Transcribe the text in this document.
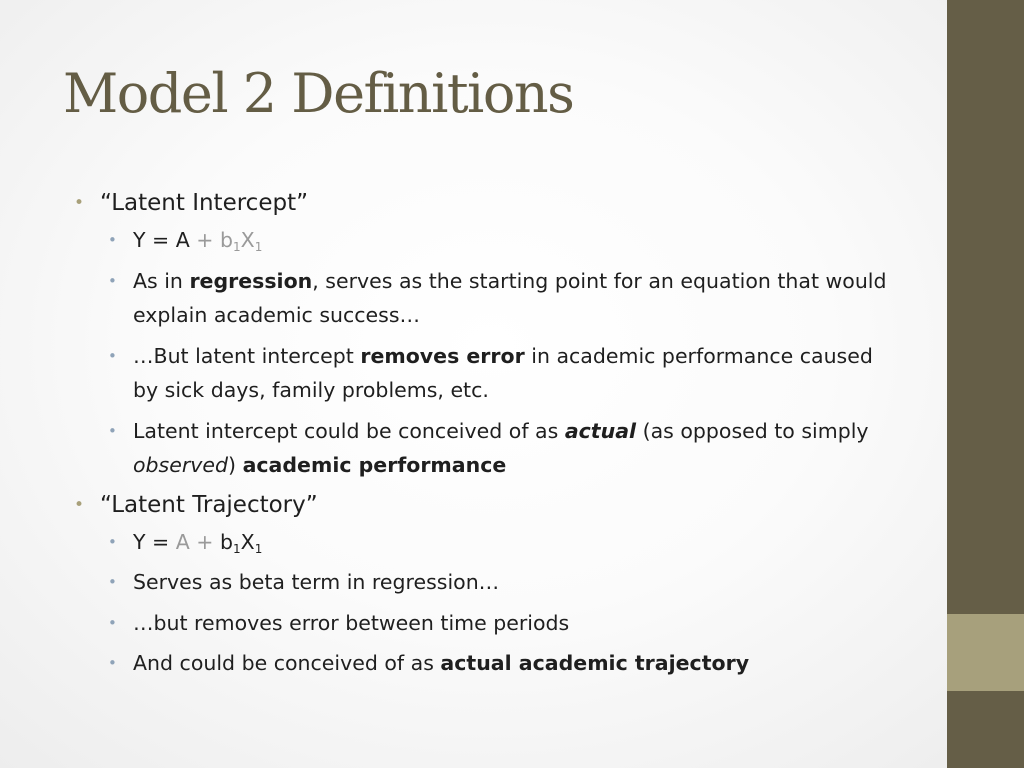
Model 2 Definitions
• “Latent Intercept”
• $Y = A + b_1X_1$
• As in regression, serves as the starting point for an equation that would explain academic success…
• …But latent intercept removes error in academic performance caused by sick days, family problems, etc.
• Latent intercept could be conceived of as actual (as opposed to simply observed) academic performance
• “Latent Trajectory”
• $Y = A + b_1X_1$
• Serves as beta term in regression…
• …but removes error between time periods
• And could be conceived of as actual academic trajectory
